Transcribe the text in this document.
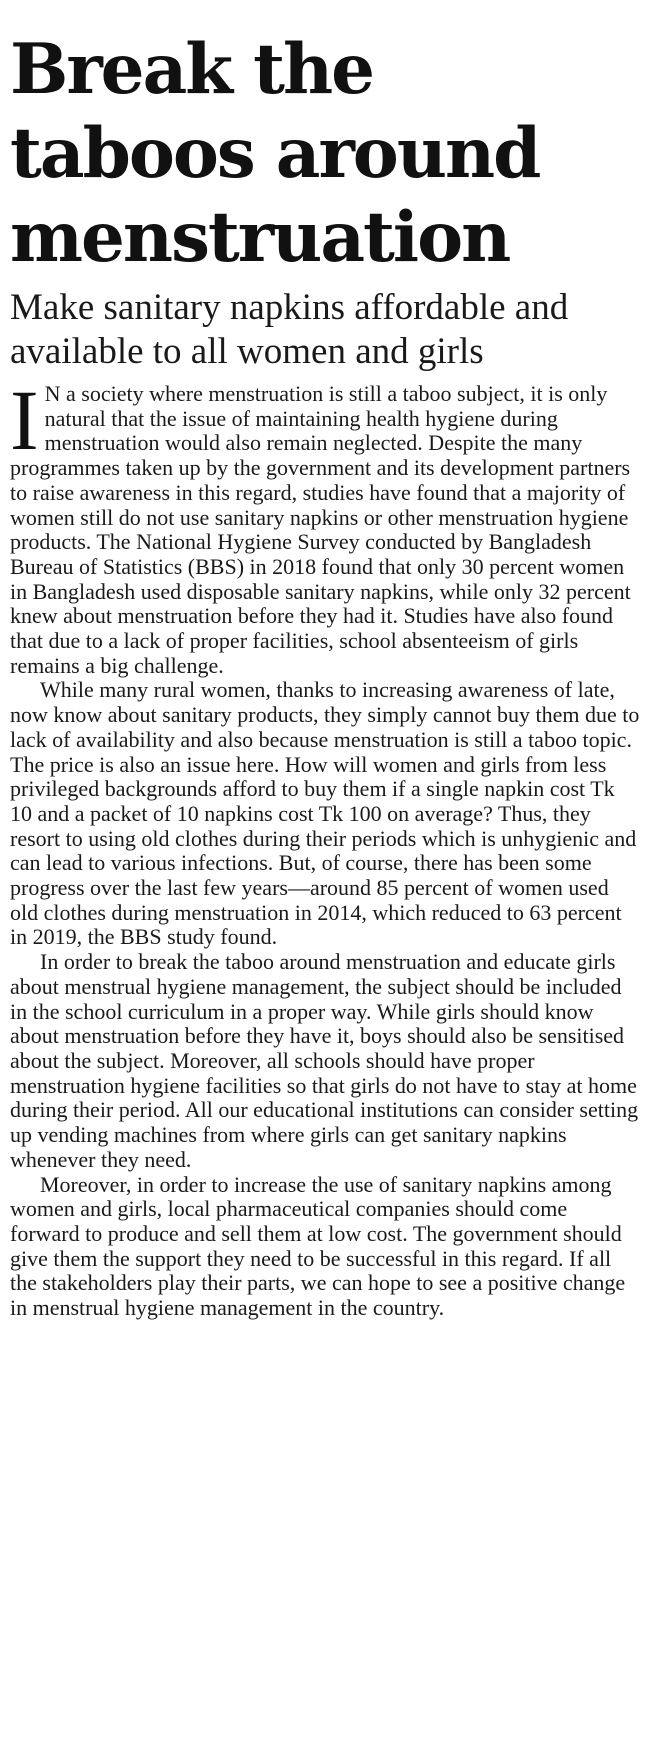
Break the taboos around menstruation
Make sanitary napkins affordable and available to all women and girls

I N a society where menstruation is still a taboo subject, it is only natural that the issue of maintaining health hygiene during menstruation would also remain neglected. Despite the many programmes taken up by the government and its development partners to raise awareness in this regard, studies have found that a majority of women still do not use sanitary napkins or other menstruation hygiene products. The National Hygiene Survey conducted by Bangladesh Bureau of Statistics (BBS) in 2018 found that only 30 percent women in Bangladesh used disposable sanitary napkins, while only 32 percent knew about menstruation before they had it. Studies have also found that due to a lack of proper facilities, school absenteeism of girls remains a big challenge.

While many rural women, thanks to increasing awareness of late, now know about sanitary products, they simply cannot buy them due to lack of availability and also because menstruation is still a taboo topic. The price is also an issue here. How will women and girls from less privileged backgrounds afford to buy them if a single napkin cost Tk 10 and a packet of 10 napkins cost Tk 100 on average? Thus, they resort to using old clothes during their periods which is unhygienic and can lead to various infections. But, of course, there has been some progress over the last few years—around 85 percent of women used old clothes during menstruation in 2014, which reduced to 63 percent in 2019, the BBS study found.

In order to break the taboo around menstruation and educate girls about menstrual hygiene management, the subject should be included in the school curriculum in a proper way. While girls should know about menstruation before they have it, boys should also be sensitised about the subject. Moreover, all schools should have proper menstruation hygiene facilities so that girls do not have to stay at home during their period. All our educational institutions can consider setting up vending machines from where girls can get sanitary napkins whenever they need.

Moreover, in order to increase the use of sanitary napkins among women and girls, local pharmaceutical companies should come forward to produce and sell them at low cost. The government should give them the support they need to be successful in this regard. If all the stakeholders play their parts, we can hope to see a positive change in menstrual hygiene management in the country.
